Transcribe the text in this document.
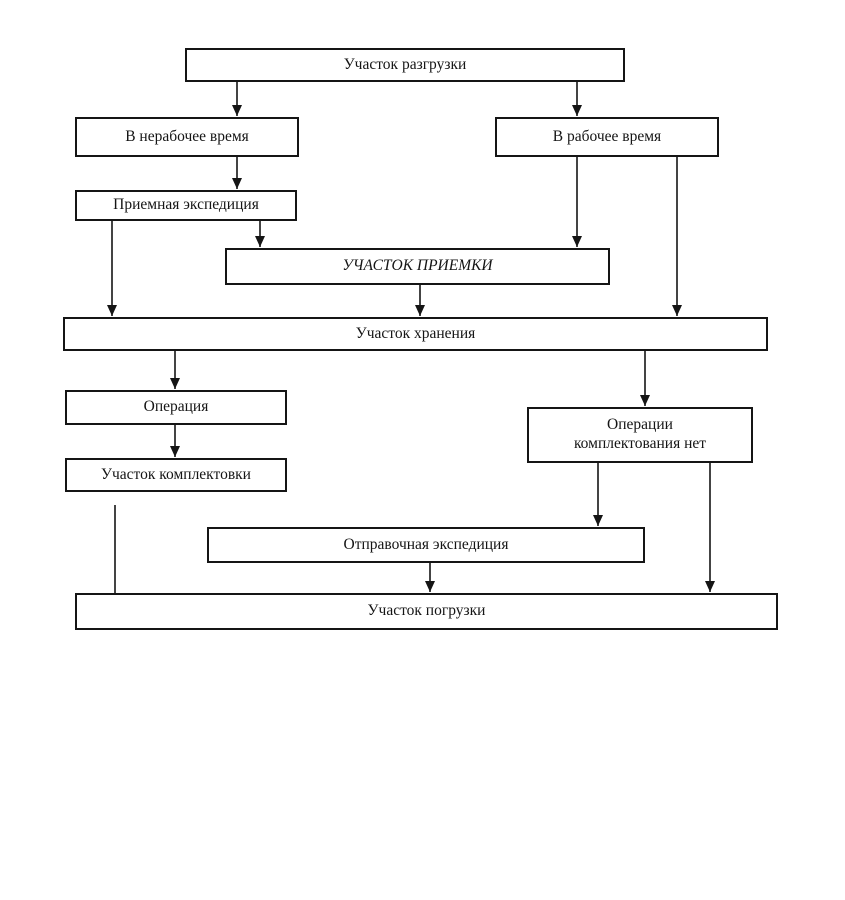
Участок разгрузки
В нерабочее время	В рабочее время
Приемная экспедиция
УЧАСТОК ПРИЕМКИ
Участок хранения
Операция
Операции
комплектования нет
Участок комплектовки
Отправочная экспедиция
Участок погрузки
